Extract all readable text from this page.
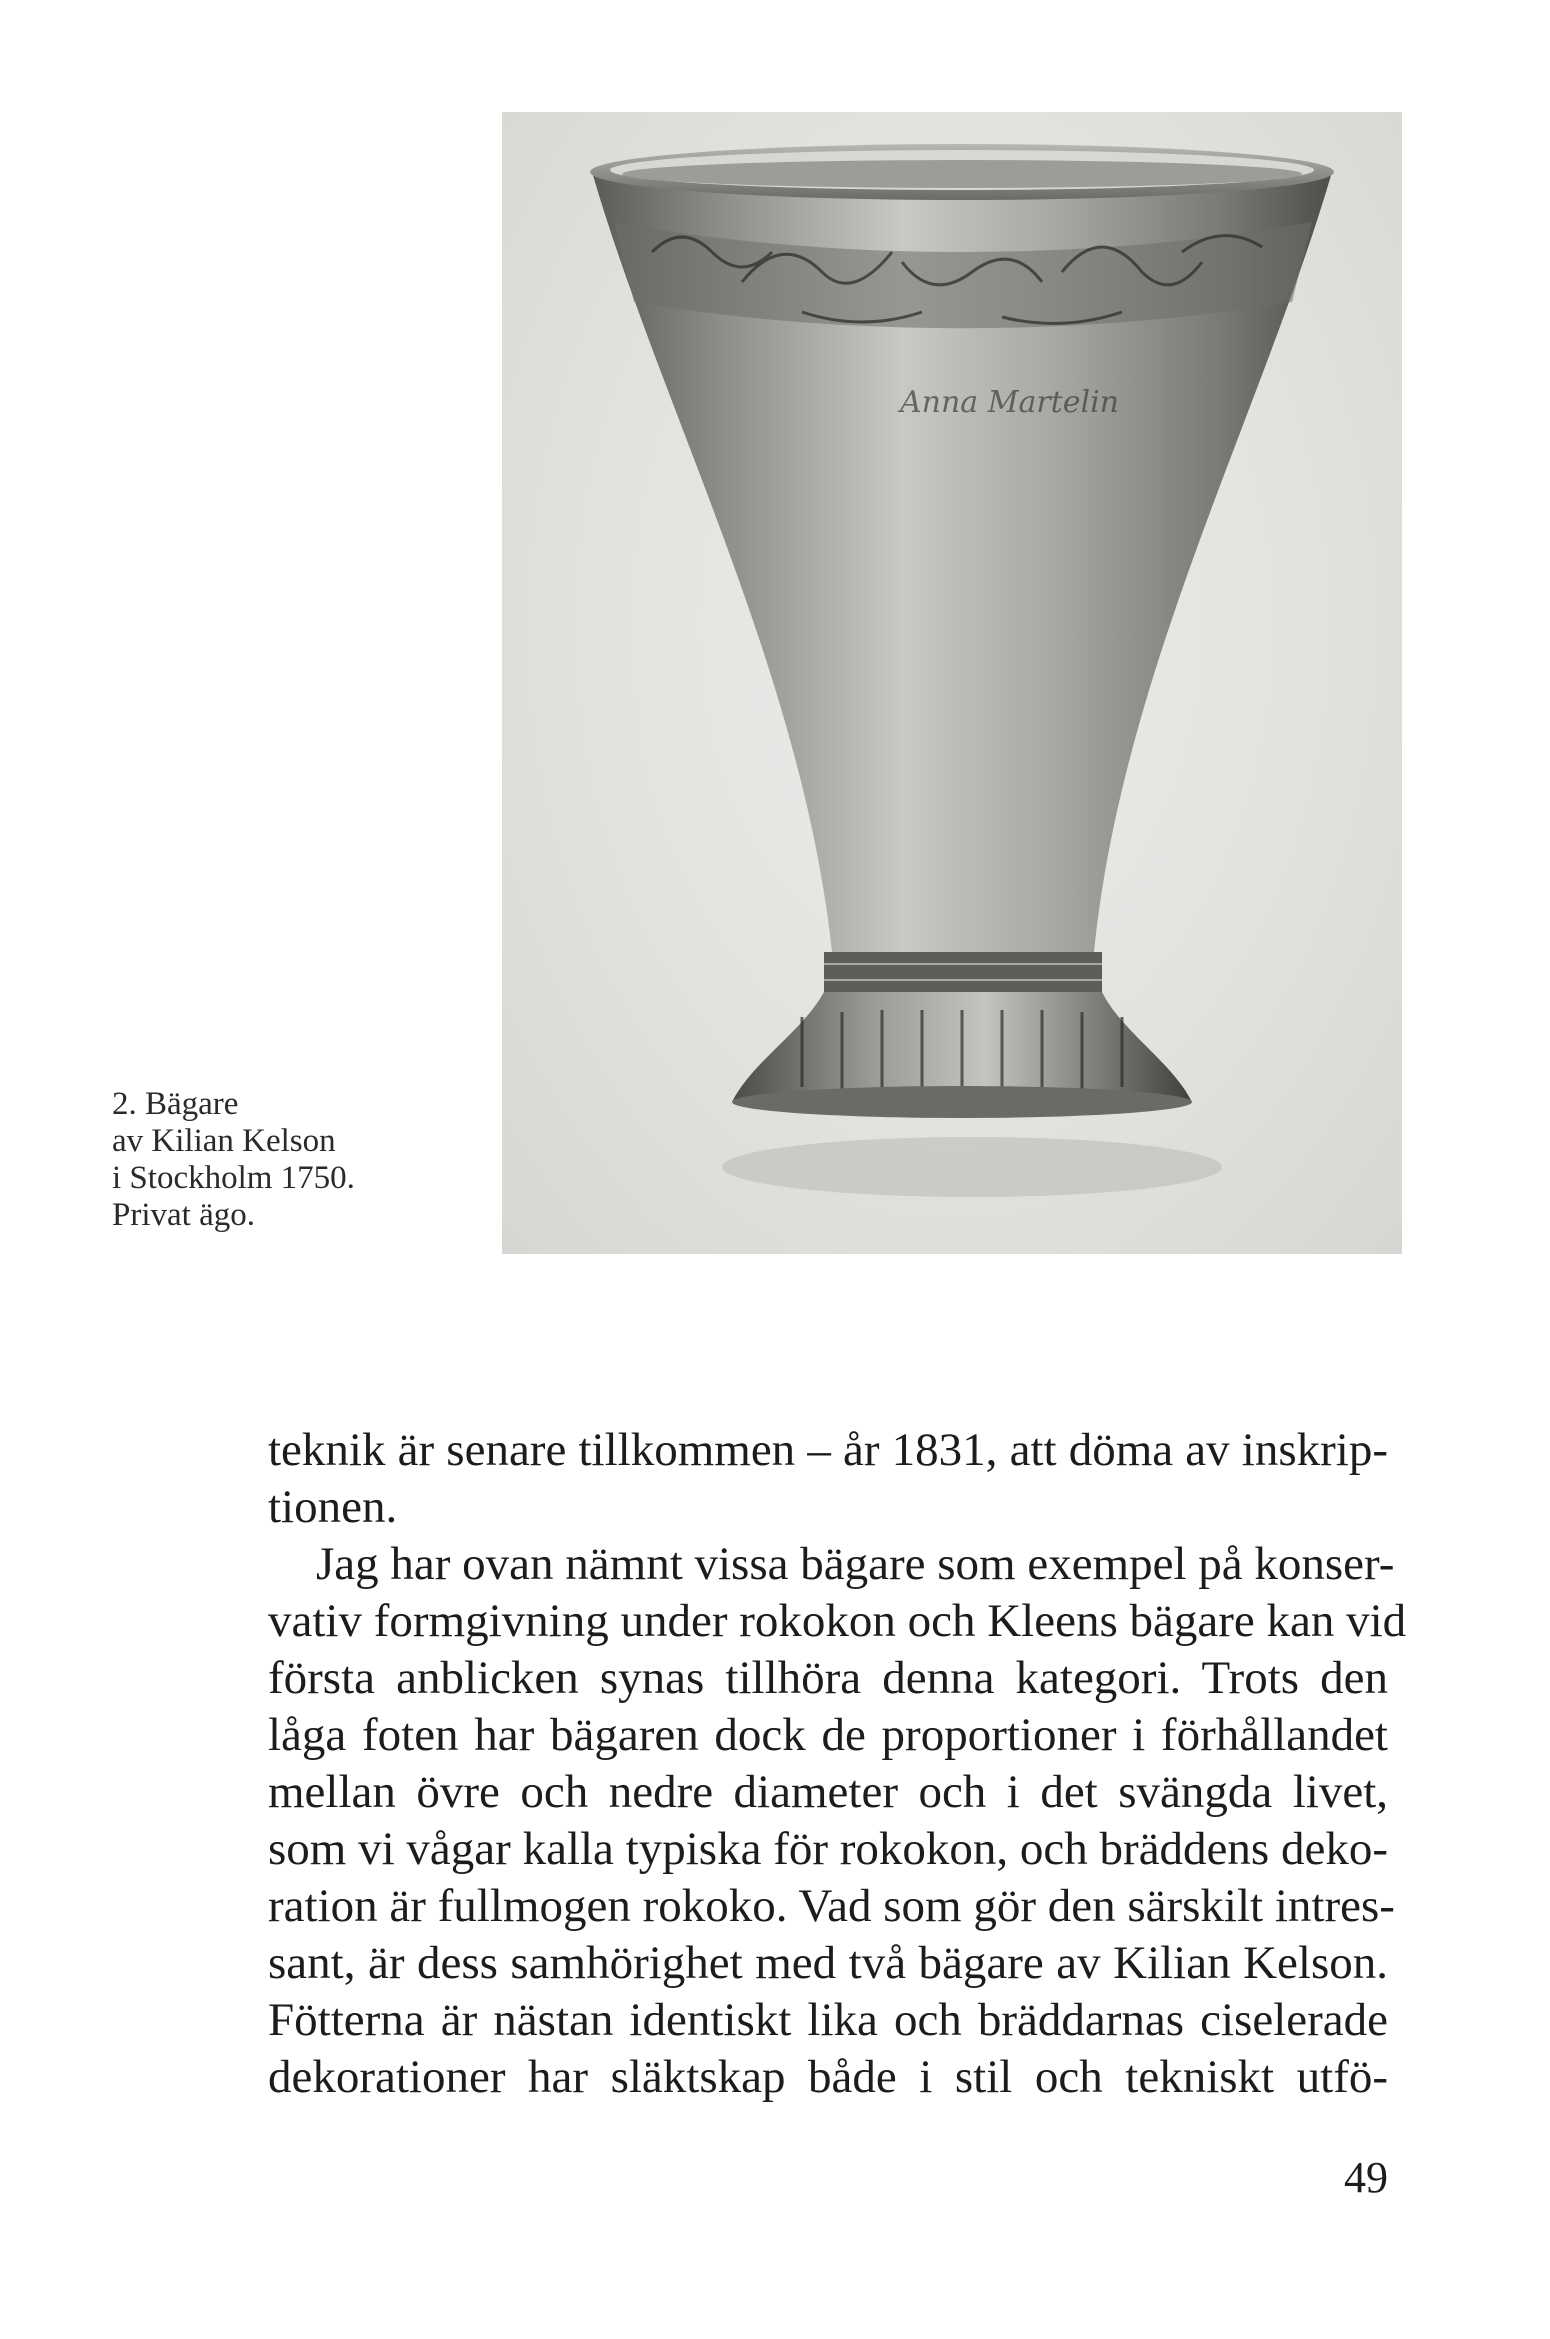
Anna Martelin
2. Bägare
av Kilian Kelson
i Stockholm 1750.
Privat ägo.
teknik är senare tillkommen – år 1831, att döma av inskrip-
tionen.
Jag har ovan nämnt vissa bägare som exempel på konser-
vativ formgivning under rokokon och Kleens bägare kan vid
första anblicken synas tillhöra denna kategori. Trots den
låga foten har bägaren dock de proportioner i förhållandet
mellan övre och nedre diameter och i det svängda livet,
som vi vågar kalla typiska för rokokon, och bräddens deko-
ration är fullmogen rokoko. Vad som gör den särskilt intres-
sant, är dess samhörighet med två bägare av Kilian Kelson.
Fötterna är nästan identiskt lika och bräddarnas ciselerade
dekorationer har släktskap både i stil och tekniskt utfö-
49
